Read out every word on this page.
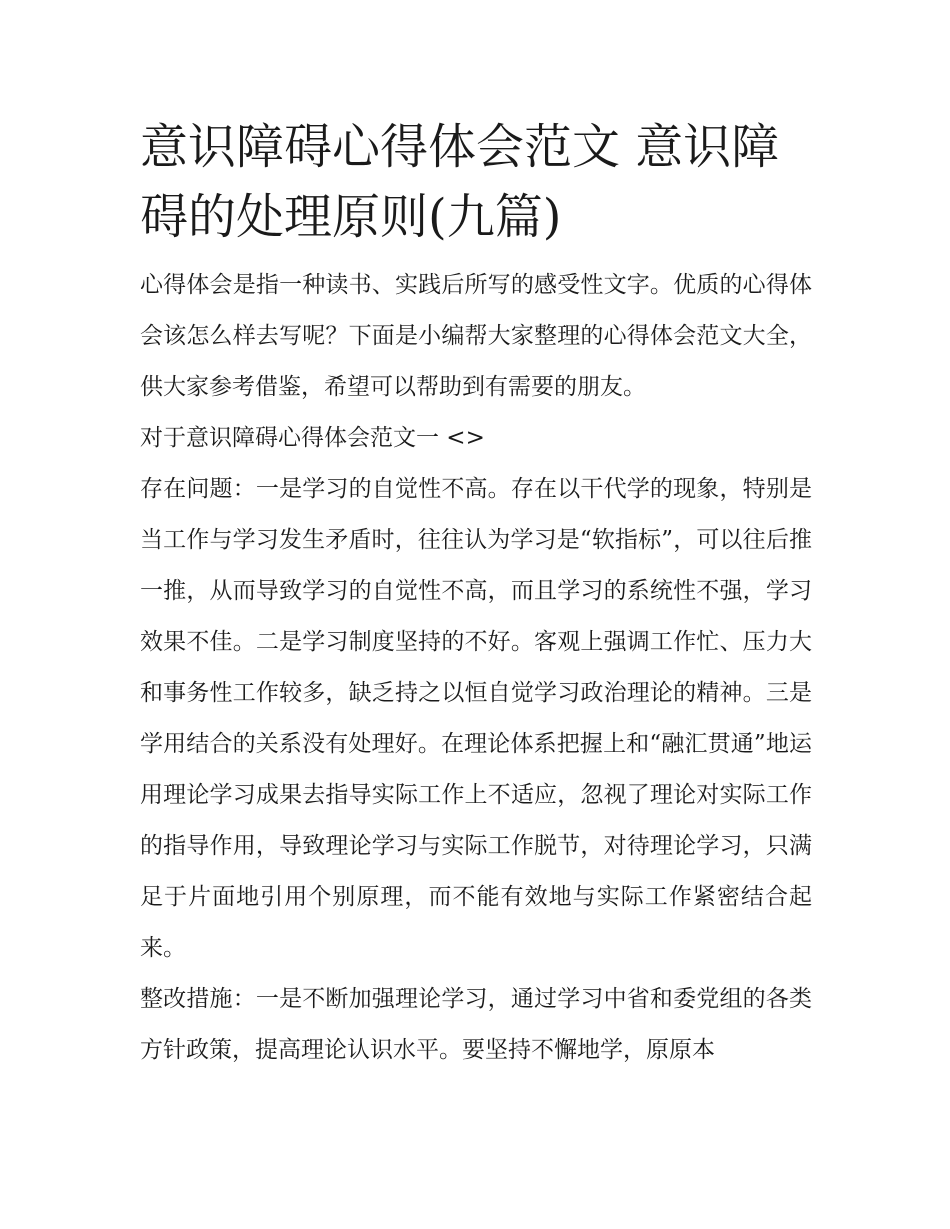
意识障碍心得体会范文 意识障碍的处理原则(九篇)

心得体会是指一种读书、实践后所写的感受性文字。优质的心得体会该怎么样去写呢？下面是小编帮大家整理的心得体会范文大全，供大家参考借鉴，希望可以帮助到有需要的朋友。

对于意识障碍心得体会范文一 <>

存在问题：一是学习的自觉性不高。存在以干代学的现象，特别是当工作与学习发生矛盾时，往往认为学习是“软指标”，可以往后推一推，从而导致学习的自觉性不高，而且学习的系统性不强，学习效果不佳。二是学习制度坚持的不好。客观上强调工作忙、压力大和事务性工作较多，缺乏持之以恒自觉学习政治理论的精神。三是学用结合的关系没有处理好。在理论体系把握上和“融汇贯通”地运用理论学习成果去指导实际工作上不适应，忽视了理论对实际工作的指导作用，导致理论学习与实际工作脱节，对待理论学习，只满足于片面地引用个别原理，而不能有效地与实际工作紧密结合起来。

整改措施：一是不断加强理论学习，通过学习中省和委党组的各类方针政策，提高理论认识水平。要坚持不懈地学，原原本
